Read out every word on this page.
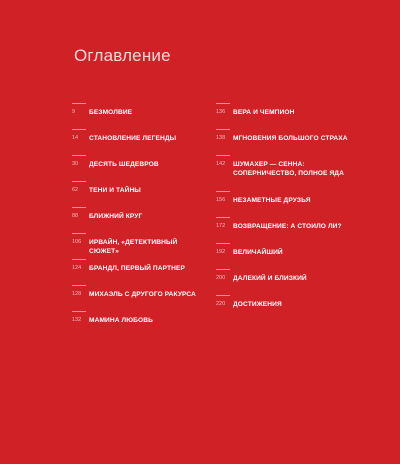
Оглавление
9 БЕЗМОЛВИЕ
14 СТАНОВЛЕНИЕ ЛЕГЕНДЫ
30 ДЕСЯТЬ ШЕДЕВРОВ
62 ТЕНИ И ТАЙНЫ
88 БЛИЖНИЙ КРУГ
106 ИРВАЙН, «ДЕТЕКТИВНЫЙ СЮЖЕТ»
124 БРАНДЛ, ПЕРВЫЙ ПАРТНЕР
128 МИХАЭЛЬ С ДРУГОГО РАКУРСА
132 МАМИНА ЛЮБОВЬ
136 ВЕРА И ЧЕМПИОН
138 МГНОВЕНИЯ БОЛЬШОГО СТРАХА
142 ШУМАХЕР — СЕННА: СОПЕРНИЧЕСТВО, ПОЛНОЕ ЯДА
156 НЕЗАМЕТНЫЕ ДРУЗЬЯ
172 ВОЗВРАЩЕНИЕ: А СТОИЛО ЛИ?
192 ВЕЛИЧАЙШИЙ
200 ДАЛЕКИЙ И БЛИЗКИЙ
220 ДОСТИЖЕНИЯ
